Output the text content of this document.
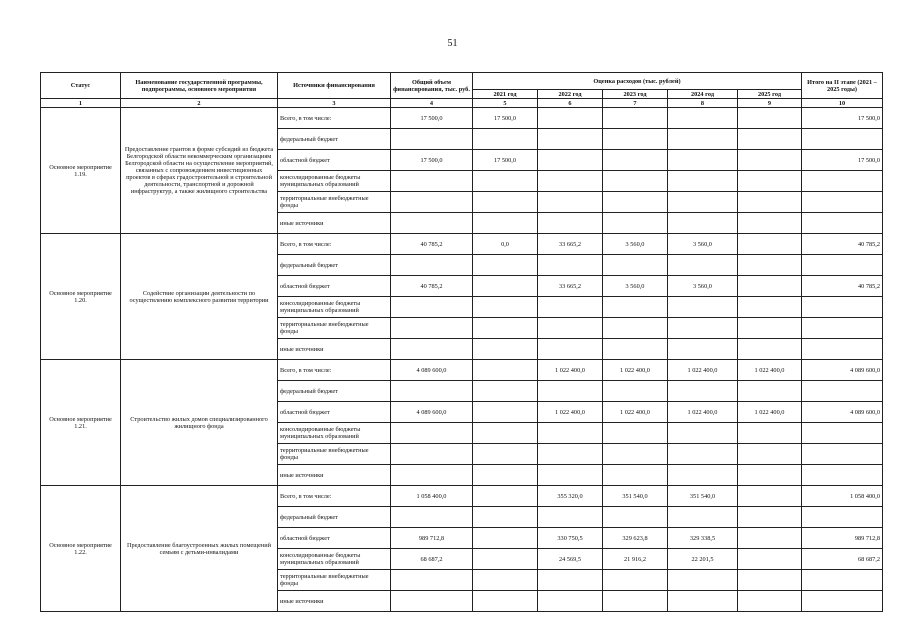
51
Статус	Наименование государственной программы, подпрограммы, основного мероприятия	Источники финансирования	Общий объем финансирования, тыс. руб.	Оценка расходов (тыс. рублей)					Итого на II этапе (2021 – 2025 годы)
				2021 год	2022 год	2023 год	2024 год	2025 год	
1	2	3	4	5	6	7	8	9	10
Основное мероприятие 1.19.	Предоставление грантов в форме субсидий из бюджета Белгородской области некоммерческим организациям Белгородской области на осуществление мероприятий, связанных с сопровождением инвестиционных проектов в сферах градостроительной и строительной деятельности, транспортной и дорожной инфраструктур, а также жилищного строительства	Всего, в том числе:	17 500,0	17 500,0					17 500,0
		федеральный бюджет							
		областной бюджет	17 500,0	17 500,0					17 500,0
		консолидированные бюджеты муниципальных образований							
		территориальные внебюджетные фонды							
		иные источники							
Основное мероприятие 1.20.	Содействие организации деятельности по осуществлению комплексного развития территории	Всего, в том числе:	40 785,2	0,0	33 665,2	3 560,0	3 560,0		40 785,2
		федеральный бюджет							
		областной бюджет	40 785,2		33 665,2	3 560,0	3 560,0		40 785,2
		консолидированные бюджеты муниципальных образований							
		территориальные внебюджетные фонды							
		иные источники							
Основное мероприятие 1.21.	Строительство жилых домов специализированного жилищного фонда	Всего, в том числе:	4 089 600,0		1 022 400,0	1 022 400,0	1 022 400,0	1 022 400,0	4 089 600,0
		федеральный бюджет							
		областной бюджет	4 089 600,0		1 022 400,0	1 022 400,0	1 022 400,0	1 022 400,0	4 089 600,0
		консолидированные бюджеты муниципальных образований							
		территориальные внебюджетные фонды							
		иные источники							
Основное мероприятие 1.22.	Предоставление благоустроенных жилых помещений семьям с детьми-инвалидами	Всего, в том числе:	1 058 400,0		355 320,0	351 540,0	351 540,0		1 058 400,0
		федеральный бюджет							
		областной бюджет	989 712,8		330 750,5	329 623,8	329 338,5		989 712,8
		консолидированные бюджеты муниципальных образований	68 687,2		24 569,5	21 916,2	22 201,5		68 687,2
		территориальные внебюджетные фонды							
		иные источники							
